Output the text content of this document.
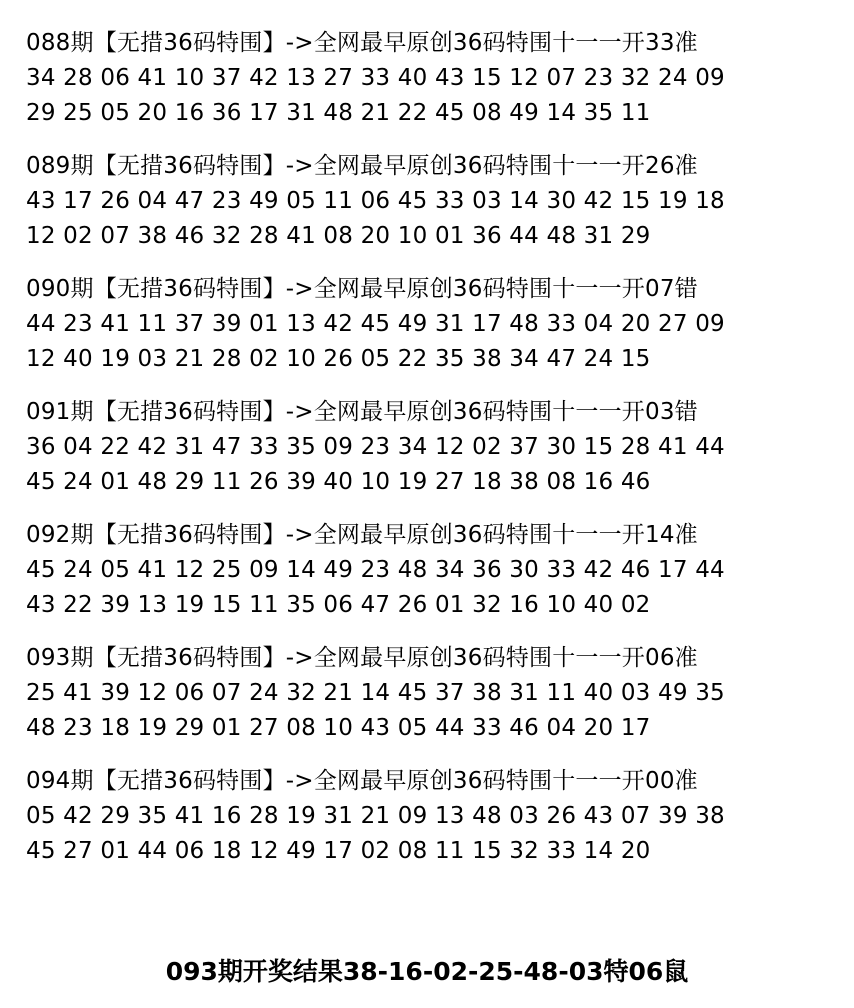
088期【无措36码特围】->全网最早原创36码特围十一一开33准
34 28 06 41 10 37 42 13 27 33 40 43 15 12 07 23 32 24 09
29 25 05 20 16 36 17 31 48 21 22 45 08 49 14 35 11
089期【无措36码特围】->全网最早原创36码特围十一一开26准
43 17 26 04 47 23 49 05 11 06 45 33 03 14 30 42 15 19 18
12 02 07 38 46 32 28 41 08 20 10 01 36 44 48 31 29
090期【无措36码特围】->全网最早原创36码特围十一一开07错
44 23 41 11 37 39 01 13 42 45 49 31 17 48 33 04 20 27 09
12 40 19 03 21 28 02 10 26 05 22 35 38 34 47 24 15
091期【无措36码特围】->全网最早原创36码特围十一一开03错
36 04 22 42 31 47 33 35 09 23 34 12 02 37 30 15 28 41 44
45 24 01 48 29 11 26 39 40 10 19 27 18 38 08 16 46
092期【无措36码特围】->全网最早原创36码特围十一一开14准
45 24 05 41 12 25 09 14 49 23 48 34 36 30 33 42 46 17 44
43 22 39 13 19 15 11 35 06 47 26 01 32 16 10 40 02
093期【无措36码特围】->全网最早原创36码特围十一一开06准
25 41 39 12 06 07 24 32 21 14 45 37 38 31 11 40 03 49 35
48 23 18 19 29 01 27 08 10 43 05 44 33 46 04 20 17
094期【无措36码特围】->全网最早原创36码特围十一一开00准
05 42 29 35 41 16 28 19 31 21 09 13 48 03 26 43 07 39 38
45 27 01 44 06 18 12 49 17 02 08 11 15 32 33 14 20
093期开奖结果38-16-02-25-48-03特06鼠
